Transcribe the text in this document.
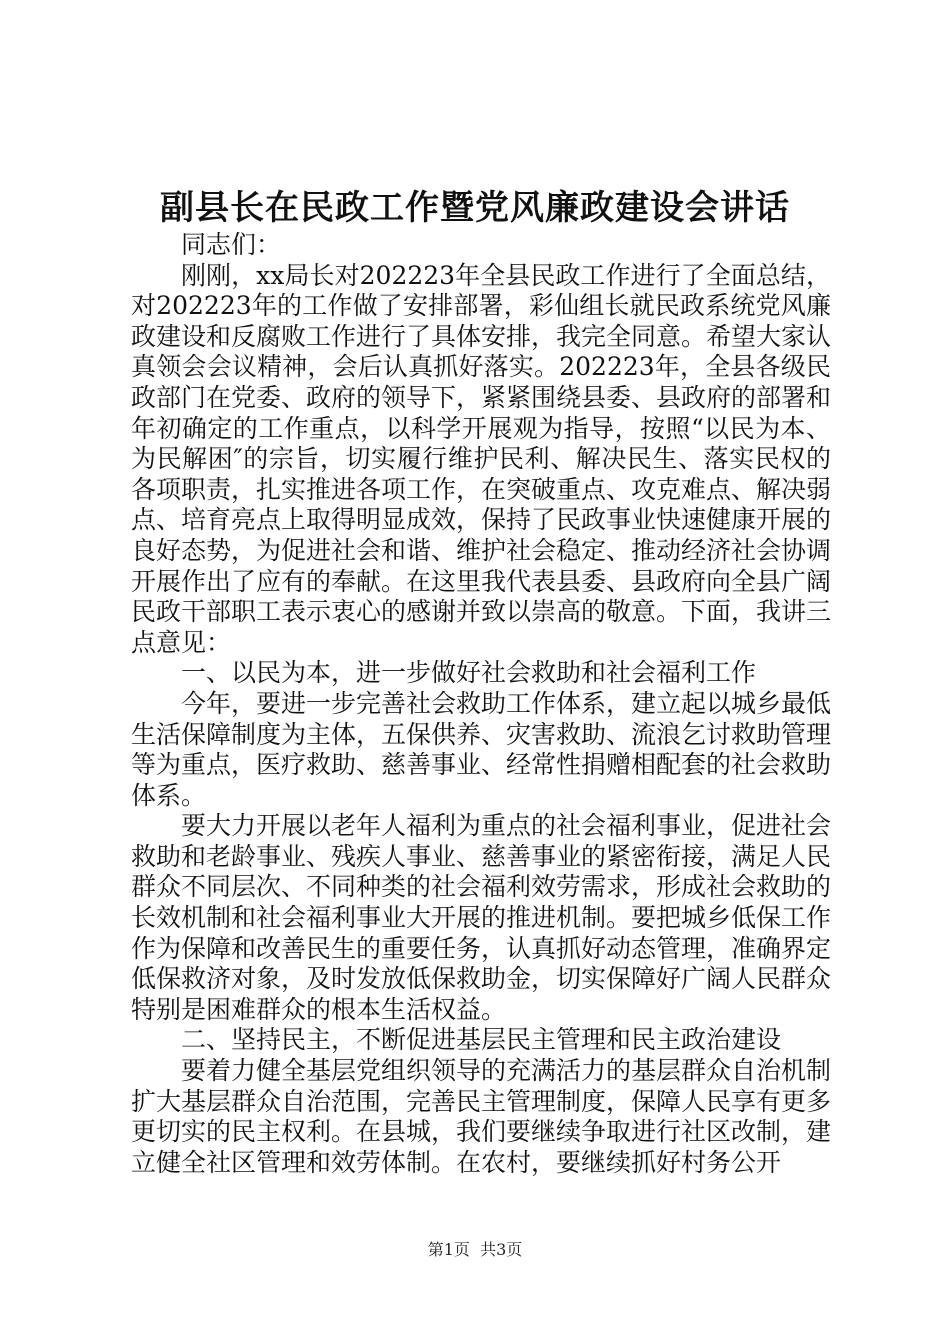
副县长在民政工作暨党风廉政建设会讲话

同志们：

刚刚，xx局长对202223年全县民政工作进行了全面总结，对202223年的工作做了安排部署，彩仙组长就民政系统党风廉政建设和反腐败工作进行了具体安排，我完全同意。希望大家认真领会会议精神，会后认真抓好落实。202223年，全县各级民政部门在党委、政府的领导下，紧紧围绕县委、县政府的部署和年初确定的工作重点，以科学开展观为指导，按照“以民为本、为民解困″的宗旨，切实履行维护民利、解决民生、落实民权的各项职责，扎实推进各项工作，在突破重点、攻克难点、解决弱点、培育亮点上取得明显成效，保持了民政事业快速健康开展的良好态势，为促进社会和谐、维护社会稳定、推动经济社会协调开展作出了应有的奉献。在这里我代表县委、县政府向全县广阔民政干部职工表示衷心的感谢并致以崇高的敬意。下面，我讲三点意见：

一、以民为本，进一步做好社会救助和社会福利工作

今年，要进一步完善社会救助工作体系，建立起以城乡最低生活保障制度为主体，五保供养、灾害救助、流浪乞讨救助管理等为重点，医疗救助、慈善事业、经常性捐赠相配套的社会救助体系。

要大力开展以老年人福利为重点的社会福利事业，促进社会救助和老龄事业、残疾人事业、慈善事业的紧密衔接，满足人民群众不同层次、不同种类的社会福利效劳需求，形成社会救助的长效机制和社会福利事业大开展的推进机制。要把城乡低保工作作为保障和改善民生的重要任务，认真抓好动态管理，准确界定低保救济对象，及时发放低保救助金，切实保障好广阔人民群众特别是困难群众的根本生活权益。

二、坚持民主，不断促进基层民主管理和民主政治建设

要着力健全基层党组织领导的充满活力的基层群众自治机制扩大基层群众自治范围，完善民主管理制度，保障人民享有更多更切实的民主权利。在县城，我们要继续争取进行社区改制，建立健全社区管理和效劳体制。在农村，要继续抓好村务公开

第1页 共3页
